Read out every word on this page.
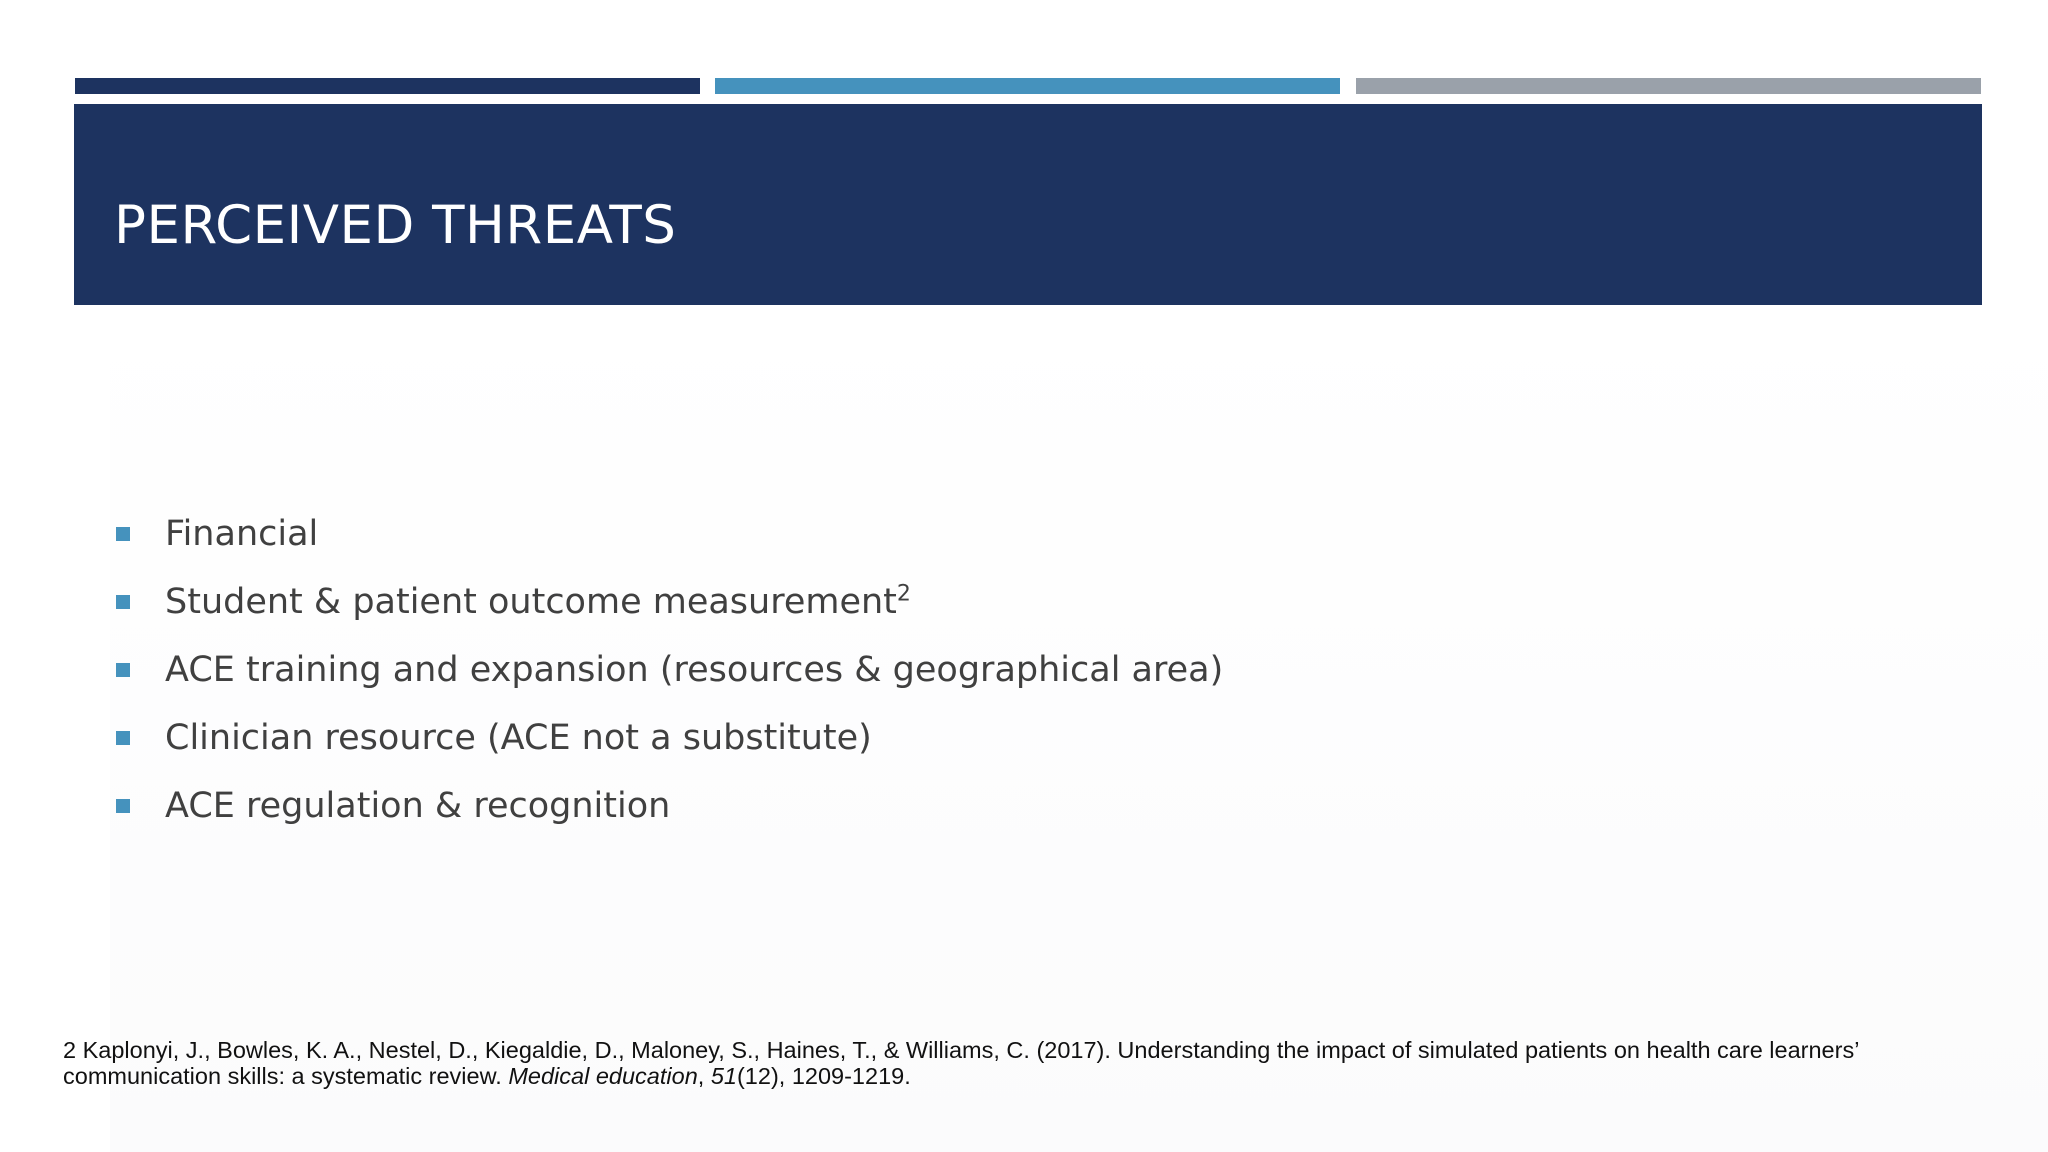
PERCEIVED THREATS
Financial
Student & patient outcome measurement$^2$
ACE training and expansion (resources & geographical area)
Clinician resource (ACE not a substitute)
ACE regulation & recognition

2 Kaplonyi, J., Bowles, K. A., Nestel, D., Kiegaldie, D., Maloney, S., Haines, T., & Williams, C. (2017). Understanding the impact of simulated patients on health care learners’ communication skills: a systematic review. Medical education, 51(12), 1209-1219.
